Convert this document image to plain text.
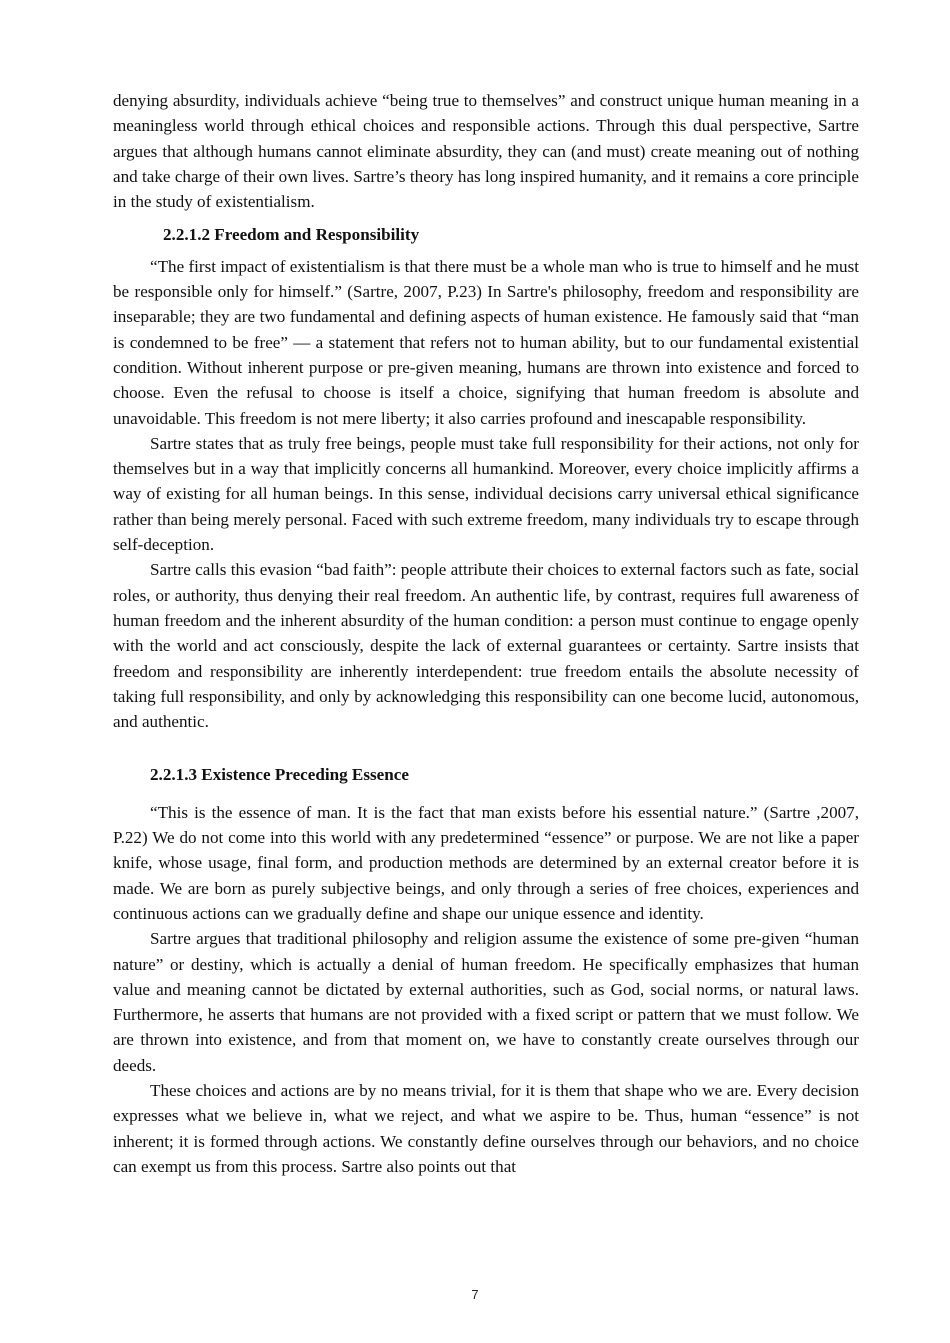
denying absurdity, individuals achieve “being true to themselves” and construct unique human meaning in a meaningless world through ethical choices and responsible actions. Through this dual perspective, Sartre argues that although humans cannot eliminate absurdity, they can (and must) create meaning out of nothing and take charge of their own lives. Sartre’s theory has long inspired humanity, and it remains a core principle in the study of existentialism.

2.2.1.2 Freedom and Responsibility

“The first impact of existentialism is that there must be a whole man who is true to himself and he must be responsible only for himself.” (Sartre, 2007, P.23) In Sartre's philosophy, freedom and responsibility are inseparable; they are two fundamental and defining aspects of human existence. He famously said that “man is condemned to be free” — a statement that refers not to human ability, but to our fundamental existential condition. Without inherent purpose or pre-given meaning, humans are thrown into existence and forced to choose. Even the refusal to choose is itself a choice, signifying that human freedom is absolute and unavoidable. This freedom is not mere liberty; it also carries profound and inescapable responsibility.

Sartre states that as truly free beings, people must take full responsibility for their actions, not only for themselves but in a way that implicitly concerns all humankind. Moreover, every choice implicitly affirms a way of existing for all human beings. In this sense, individual decisions carry universal ethical significance rather than being merely personal. Faced with such extreme freedom, many individuals try to escape through self-deception.

Sartre calls this evasion “bad faith”: people attribute their choices to external factors such as fate, social roles, or authority, thus denying their real freedom. An authentic life, by contrast, requires full awareness of human freedom and the inherent absurdity of the human condition: a person must continue to engage openly with the world and act consciously, despite the lack of external guarantees or certainty. Sartre insists that freedom and responsibility are inherently interdependent: true freedom entails the absolute necessity of taking full responsibility, and only by acknowledging this responsibility can one become lucid, autonomous, and authentic.

2.2.1.3 Existence Preceding Essence

“This is the essence of man. It is the fact that man exists before his essential nature.” (Sartre ,2007, P.22) We do not come into this world with any predetermined “essence” or purpose. We are not like a paper knife, whose usage, final form, and production methods are determined by an external creator before it is made. We are born as purely subjective beings, and only through a series of free choices, experiences and continuous actions can we gradually define and shape our unique essence and identity.

Sartre argues that traditional philosophy and religion assume the existence of some pre-given “human nature” or destiny, which is actually a denial of human freedom. He specifically emphasizes that human value and meaning cannot be dictated by external authorities, such as God, social norms, or natural laws. Furthermore, he asserts that humans are not provided with a fixed script or pattern that we must follow. We are thrown into existence, and from that moment on, we have to constantly create ourselves through our deeds.

These choices and actions are by no means trivial, for it is them that shape who we are. Every decision expresses what we believe in, what we reject, and what we aspire to be. Thus, human “essence” is not inherent; it is formed through actions. We constantly define ourselves through our behaviors, and no choice can exempt us from this process. Sartre also points out that

7
